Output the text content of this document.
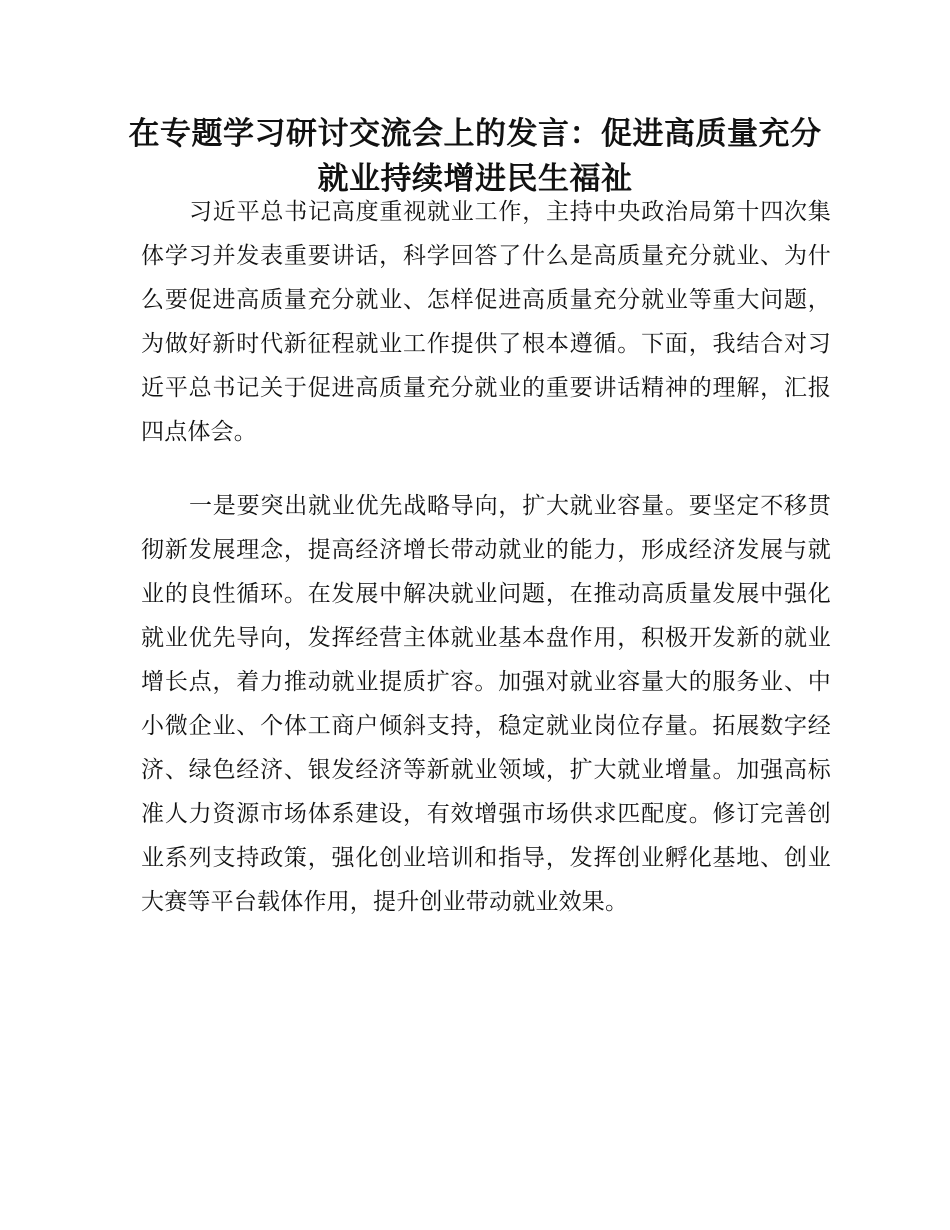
在专题学习研讨交流会上的发言：促进高质量充分就业持续增进民生福祉

习近平总书记高度重视就业工作，主持中央政治局第十四次集体学习并发表重要讲话，科学回答了什么是高质量充分就业、为什么要促进高质量充分就业、怎样促进高质量充分就业等重大问题，为做好新时代新征程就业工作提供了根本遵循。下面，我结合对习近平总书记关于促进高质量充分就业的重要讲话精神的理解，汇报四点体会。

一是要突出就业优先战略导向，扩大就业容量。要坚定不移贯彻新发展理念，提高经济增长带动就业的能力，形成经济发展与就业的良性循环。在发展中解决就业问题，在推动高质量发展中强化就业优先导向，发挥经营主体就业基本盘作用，积极开发新的就业增长点，着力推动就业提质扩容。加强对就业容量大的服务业、中小微企业、个体工商户倾斜支持，稳定就业岗位存量。拓展数字经济、绿色经济、银发经济等新就业领域，扩大就业增量。加强高标准人力资源市场体系建设，有效增强市场供求匹配度。修订完善创业系列支持政策，强化创业培训和指导，发挥创业孵化基地、创业大赛等平台载体作用，提升创业带动就业效果。
